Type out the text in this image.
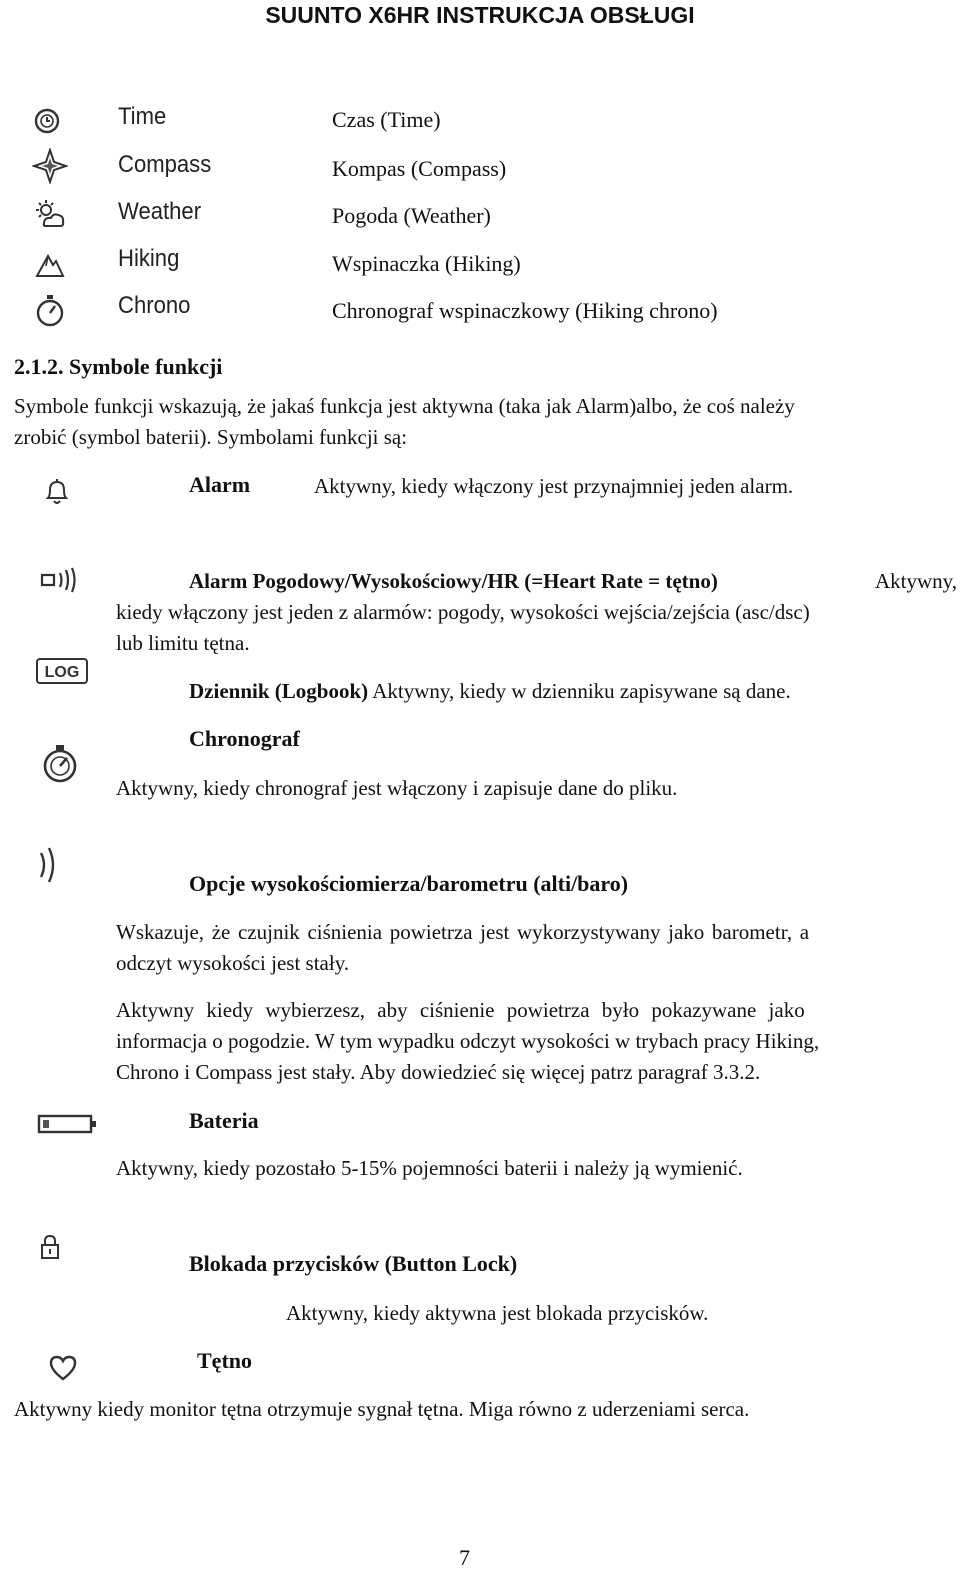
SUUNTO X6HR INSTRUKCJA OBSŁUGI
Time	Czas (Time)
Compass	Kompas (Compass)
Weather	Pogoda (Weather)
Hiking	Wspinaczka (Hiking)
Chrono	Chronograf wspinaczkowy (Hiking chrono)
2.1.2. Symbole funkcji
Symbole funkcji wskazują, że jakaś funkcja jest aktywna (taka jak Alarm)albo, że coś należy
zrobić (symbol baterii). Symbolami funkcji są:
Alarm	Aktywny, kiedy włączony jest przynajmniej jeden alarm.
Alarm Pogodowy/Wysokościowy/HR (=Heart Rate = tętno)	Aktywny,
kiedy włączony jest jeden z alarmów: pogody, wysokości wejścia/zejścia (asc/dsc)
lub limitu tętna.
LOG
Dziennik (Logbook) Aktywny, kiedy w dzienniku zapisywane są dane.
Chronograf
Aktywny, kiedy chronograf jest włączony i zapisuje dane do pliku.
Opcje wysokościomierza/barometru (alti/baro)
Wskazuje, że czujnik ciśnienia powietrza jest wykorzystywany jako barometr, a
odczyt wysokości jest stały.
Aktywny kiedy wybierzesz, aby ciśnienie powietrza było pokazywane jako
informacja o pogodzie. W tym wypadku odczyt wysokości w trybach pracy Hiking,
Chrono i Compass jest stały. Aby dowiedzieć się więcej patrz paragraf 3.3.2.
Bateria
Aktywny, kiedy pozostało 5-15% pojemności baterii i należy ją wymienić.
Blokada przycisków (Button Lock)
Aktywny, kiedy aktywna jest blokada przycisków.
Tętno
Aktywny kiedy monitor tętna otrzymuje sygnał tętna. Miga równo z uderzeniami serca.
7
